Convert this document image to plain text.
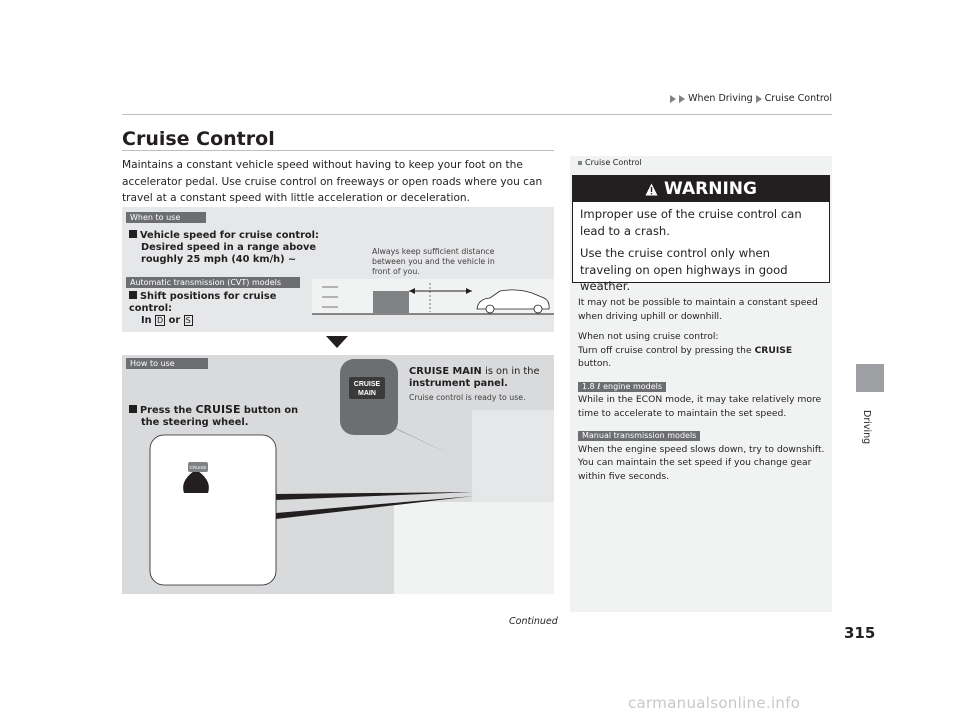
When Driving Cruise Control
Driving
Cruise Control
Maintains a constant vehicle speed without having to keep your foot on the accelerator pedal. Use cruise control on freeways or open roads where you can travel at a constant speed with little acceleration or deceleration.
When to use
Vehicle speed for cruise control:
Desired speed in a range above
roughly 25 mph (40 km/h) ~
Automatic transmission (CVT) models
Shift positions for cruise control:
In D or S
Always keep sufficient distance between you and the vehicle in front of you.
How to use
Press the CRUISE button on
the steering wheel.
CRUISE MAIN is on in the
instrument panel.
Cruise control is ready to use.
CRUISE
MAIN
CRUISE
Cruise Control
WARNING

Improper use of the cruise control can lead to a crash.

Use the cruise control only when traveling on open highways in good weather.

It may not be possible to maintain a constant speed when driving uphill or downhill.

When not using cruise control:
Turn off cruise control by pressing the CRUISE button.

1.8 ℓ engine models

While in the ECON mode, it may take relatively more time to accelerate to maintain the set speed.

Manual transmission models

When the engine speed slows down, try to downshift.

You can maintain the set speed if you change gear within five seconds.

Continued
315
carmanualsonline.info
